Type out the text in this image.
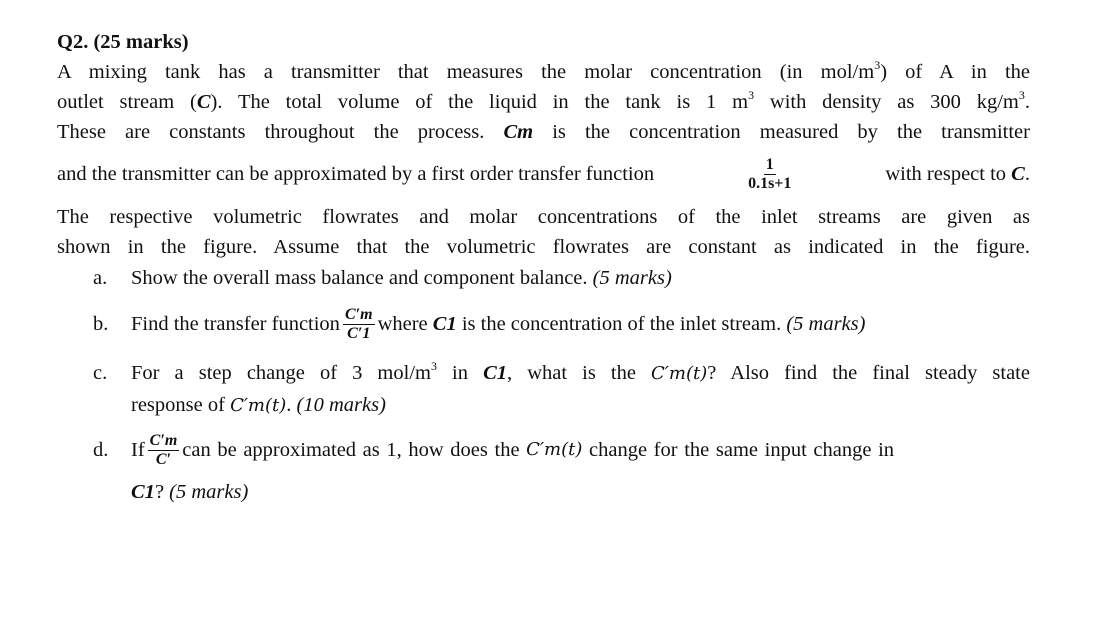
Q2. (25 marks)
A mixing tank has a transmitter that measures the molar concentration (in mol/$m^3$) of A in the
outlet stream (C). The total volume of the liquid in the tank is 1 $m^3$ with density as 300 $kg/m^3$.
These are constants throughout the process. Cm is the concentration measured by the transmitter
and the transmitter can be approximated by a first order transfer function	$\frac{1}{0.1s+1}$	with respect to C.
The respective volumetric flowrates and molar concentrations of the inlet streams are given as
shown in the figure. Assume that the volumetric flowrates are constant as indicated in the figure.
a. Show the overall mass balance and component balance. (5 marks)
b.	Find the transfer function $\frac{C'm}{C'1}$ where C1 is the concentration of the inlet stream. (5 marks)
c. For a step change of 3 mol/$m^3$ in C1, what is the C′m(t)? Also find the final steady state
response of C′m(t). (10 marks)
d.	If $\frac{C'm}{C'}$ can be approximated as 1, how does the C′m(t) change for the same input change in
C1? (5 marks)
